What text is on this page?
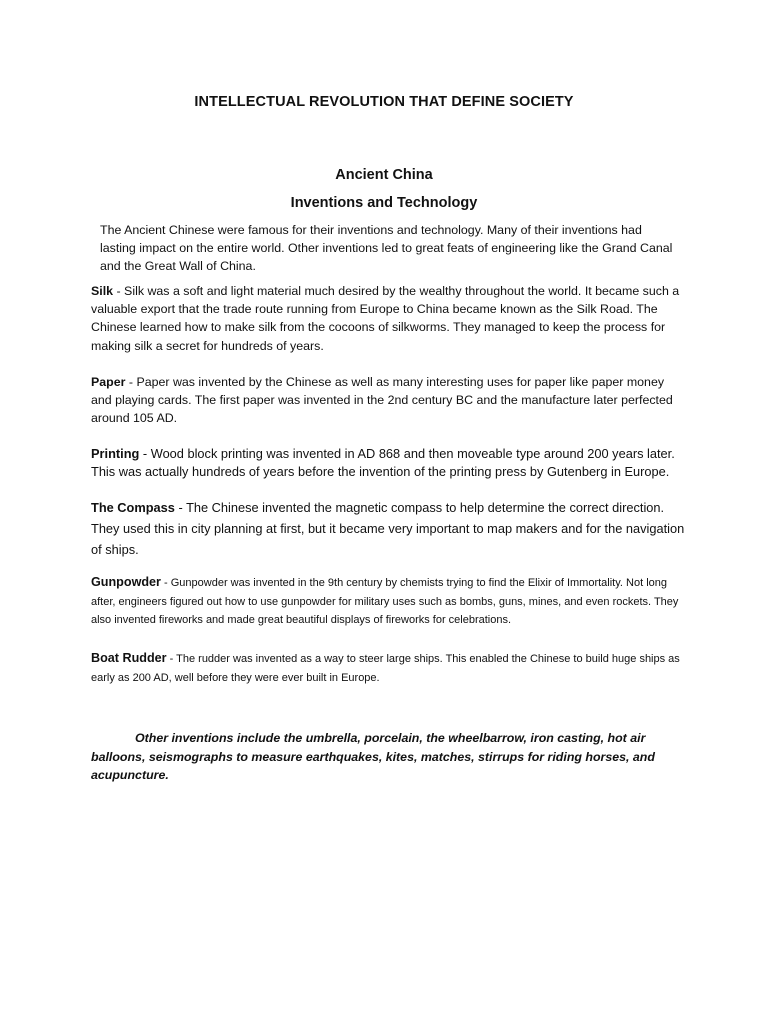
INTELLECTUAL REVOLUTION THAT DEFINE SOCIETY
Ancient China
Inventions and Technology

The Ancient Chinese were famous for their inventions and technology. Many of their inventions had lasting impact on the entire world. Other inventions led to great feats of engineering like the Grand Canal and the Great Wall of China.

Silk - Silk was a soft and light material much desired by the wealthy throughout the world. It became such a valuable export that the trade route running from Europe to China became known as the Silk Road. The Chinese learned how to make silk from the cocoons of silkworms. They managed to keep the process for making silk a secret for hundreds of years.

Paper - Paper was invented by the Chinese as well as many interesting uses for paper like paper money and playing cards. The first paper was invented in the 2nd century BC and the manufacture later perfected around 105 AD.

Printing - Wood block printing was invented in AD 868 and then moveable type around 200 years later. This was actually hundreds of years before the invention of the printing press by Gutenberg in Europe.

The Compass - The Chinese invented the magnetic compass to help determine the correct direction. They used this in city planning at first, but it became very important to map makers and for the navigation of ships.

Gunpowder - Gunpowder was invented in the 9th century by chemists trying to find the Elixir of Immortality. Not long after, engineers figured out how to use gunpowder for military uses such as bombs, guns, mines, and even rockets. They also invented fireworks and made great beautiful displays of fireworks for celebrations.

Boat Rudder - The rudder was invented as a way to steer large ships. This enabled the Chinese to build huge ships as early as 200 AD, well before they were ever built in Europe.

Other inventions include the umbrella, porcelain, the wheelbarrow, iron casting, hot air balloons, seismographs to measure earthquakes, kites, matches, stirrups for riding horses, and acupuncture.
